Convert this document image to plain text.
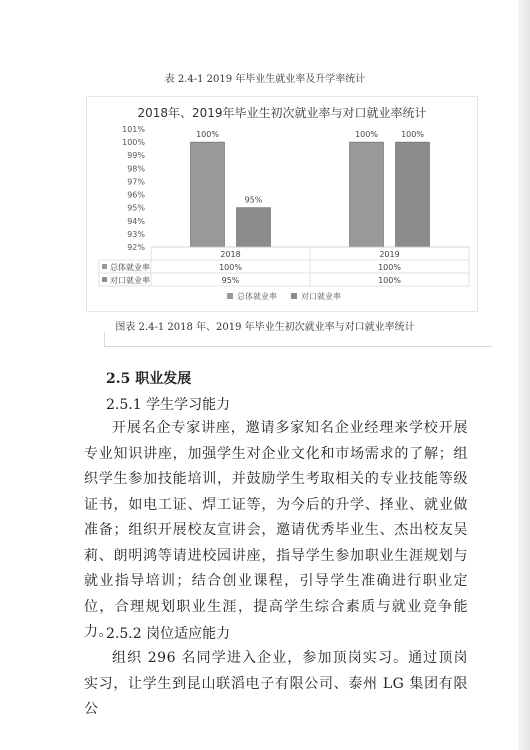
表 2.4-1 2019 年毕业生就业率及升学率统计
2018年、2019年毕业生初次就业率与对口就业率统计
101%
100%
99%
98%
97%
96%
95%
94%
93%
92%
100%
95%
100%	100%
2018	2019
总体就业率	100%	100%
对口就业率	95%	100%
总体就业率	对口就业率
图表 2.4-1 2018 年、2019 年毕业生初次就业率与对口就业率统计
2.5 职业发展
2.5.1 学生学习能力
开展名企专家讲座，邀请多家知名企业经理来学校开展专业知识讲座，加强学生对企业文化和市场需求的了解；组织学生参加技能培训，并鼓励学生考取相关的专业技能等级证书，如电工证、焊工证等，为今后的升学、择业、就业做准备；组织开展校友宣讲会，邀请优秀毕业生、杰出校友吴莉、朗明鸿等请进校园讲座，指导学生参加职业生涯规划与就业指导培训；结合创业课程，引导学生准确进行职业定位，合理规划职业生涯，提高学生综合素质与就业竞争能力。
2.5.2 岗位适应能力
组织 296 名同学进入企业，参加顶岗实习。通过顶岗实习，让学生到昆山联滔电子有限公司、泰州 LG 集团有限公
